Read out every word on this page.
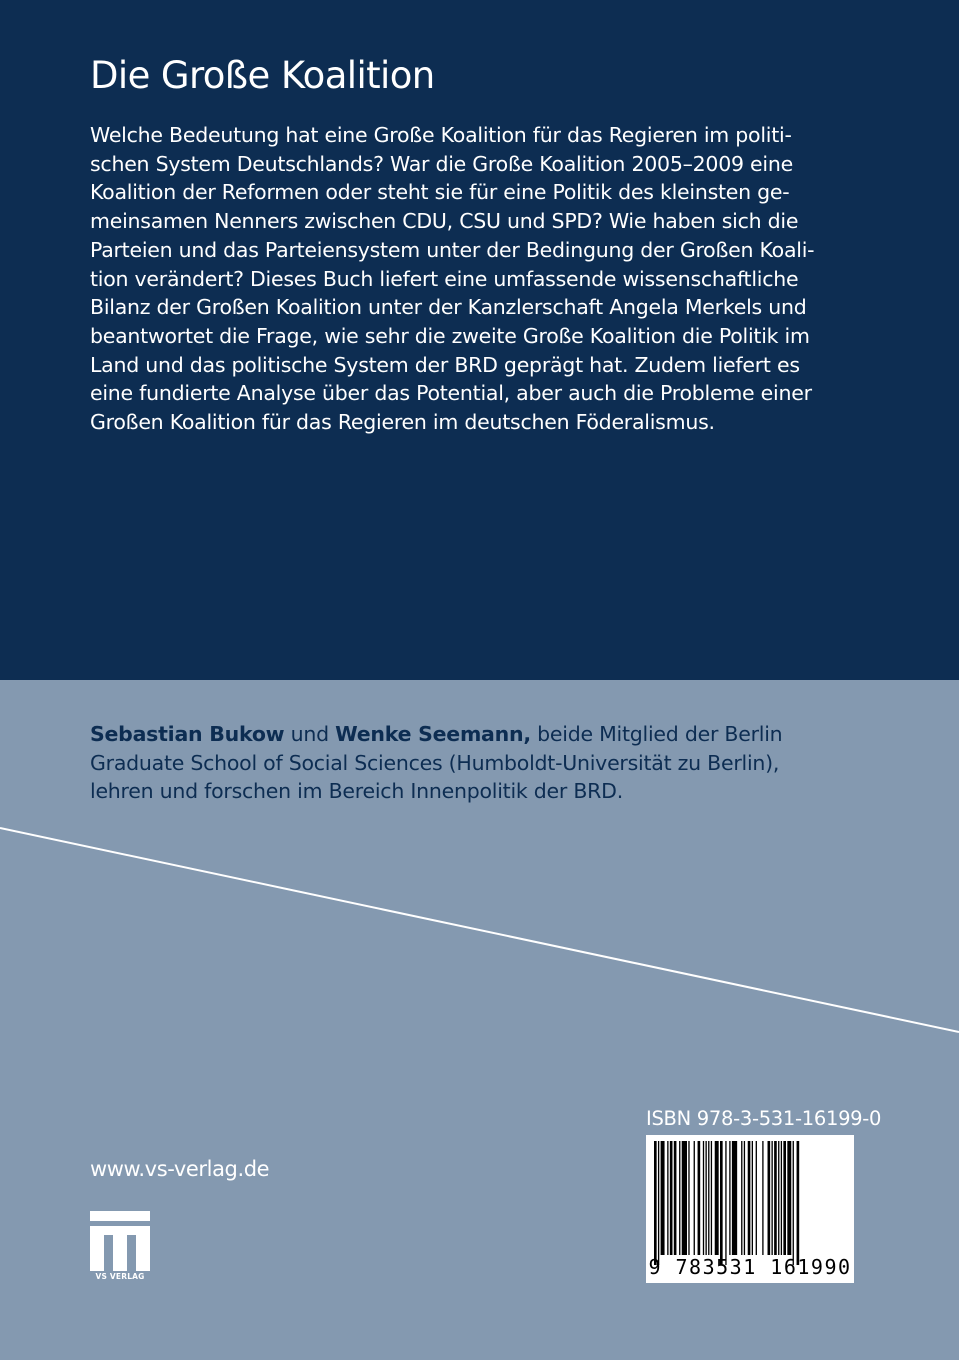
Die Große Koalition

Welche Bedeutung hat eine Große Koalition für das Regieren im politi-
schen System Deutschlands? War die Große Koalition 2005–2009 eine
Koalition der Reformen oder steht sie für eine Politik des kleinsten ge-
meinsamen Nenners zwischen CDU, CSU und SPD? Wie haben sich die
Parteien und das Parteiensystem unter der Bedingung der Großen Koali-
tion verändert? Dieses Buch liefert eine umfassende wissenschaftliche
Bilanz der Großen Koalition unter der Kanzlerschaft Angela Merkels und
beantwortet die Frage, wie sehr die zweite Große Koalition die Politik im
Land und das politische System der BRD geprägt hat. Zudem liefert es
eine fundierte Analyse über das Potential, aber auch die Probleme einer
Großen Koalition für das Regieren im deutschen Föderalismus.

Sebastian Bukow und Wenke Seemann, beide Mitglied der Berlin
Graduate School of Social Sciences (Humboldt-Universität zu Berlin),
lehren und forschen im Bereich Innenpolitik der BRD.

www.vs-verlag.de
VS VERLAG
ISBN 978-3-531-16199-0
9 783531 161990
